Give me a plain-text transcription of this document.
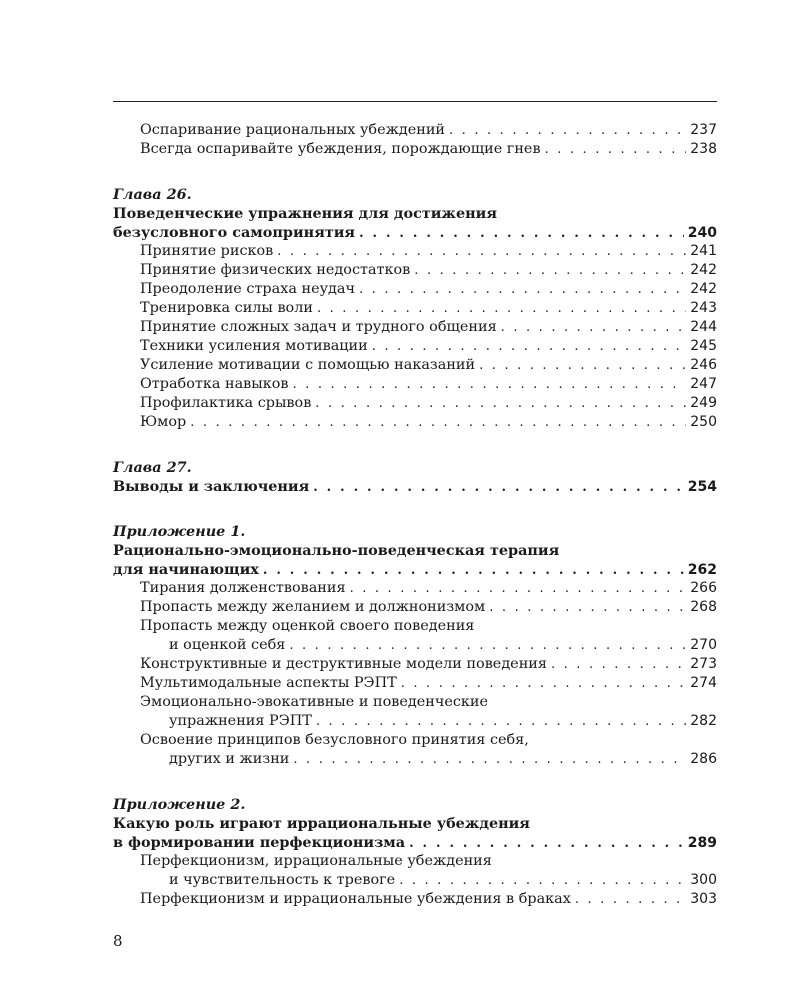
Оспаривание рациональных убеждений . . .	237
Всегда оспаривайте убеждения, порождающие гнев . . .	238
Глава 26.
Поведенческие упражнения для достижения
безусловного самопринятия . . .	240
Принятие рисков . . .	241
Принятие физических недостатков . . .	242
Преодоление страха неудач . . .	242
Тренировка силы воли . . .	243
Принятие сложных задач и трудного общения . . .	244
Техники усиления мотивации . . .	245
Усиление мотивации с помощью наказаний . . .	246
Отработка навыков . . .	247
Профилактика срывов . . .	249
Юмор . . .	250
Глава 27.
Выводы и заключения . . .	254
Приложение 1.
Рационально-эмоционально-поведенческая терапия
для начинающих . . .	262
Тирания долженствования . . .	266
Пропасть между желанием и должнонизмом . . .	268
Пропасть между оценкой своего поведения
и оценкой себя . . .	270
Конструктивные и деструктивные модели поведения . . .	273
Мультимодальные аспекты РЭПТ . . .	274
Эмоционально-эвокативные и поведенческие
упражнения РЭПТ . . .	282
Освоение принципов безусловного принятия себя,
других и жизни . . .	286
Приложение 2.
Какую роль играют иррациональные убеждения
в формировании перфекционизма . . .	289
Перфекционизм, иррациональные убеждения
и чувствительность к тревоге . . .	300
Перфекционизм и иррациональные убеждения в браках . . .	303
8
